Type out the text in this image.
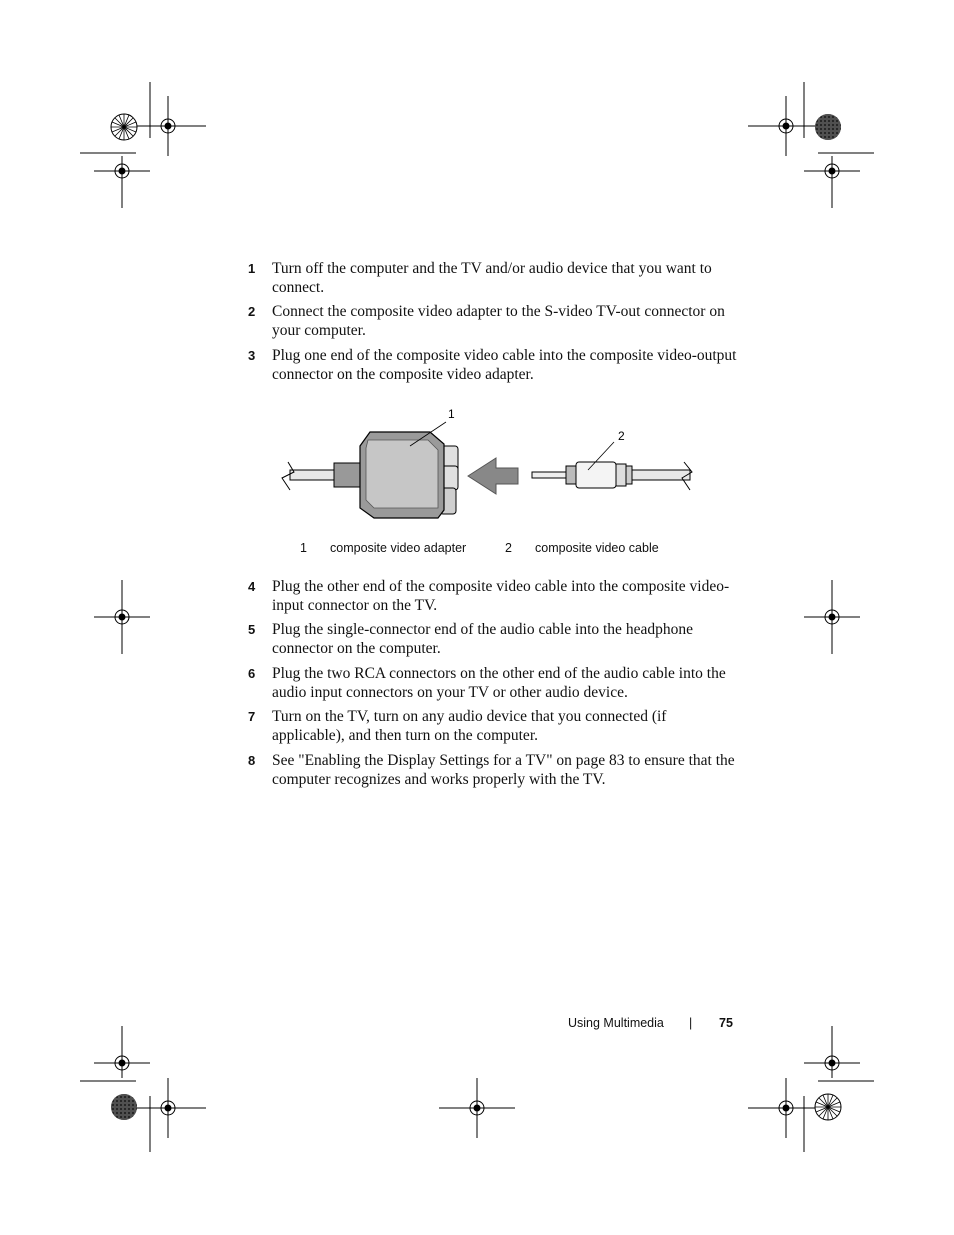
1 Turn off the computer and the TV and/or audio device that you want to connect.
2 Connect the composite video adapter to the S-video TV-out connector on your computer.
3 Plug one end of the composite video cable into the composite video-output connector on the composite video adapter.
1
2
1 composite video adapter	2 composite video cable
4 Plug the other end of the composite video cable into the composite video-input connector on the TV.
5 Plug the single-connector end of the audio cable into the headphone connector on the computer.
6 Plug the two RCA connectors on the other end of the audio cable into the audio input connectors on your TV or other audio device.
7 Turn on the TV, turn on any audio device that you connected (if applicable), and then turn on the computer.
8 See "Enabling the Display Settings for a TV" on page 83 to ensure that the computer recognizes and works properly with the TV.
Using Multimedia | 75
